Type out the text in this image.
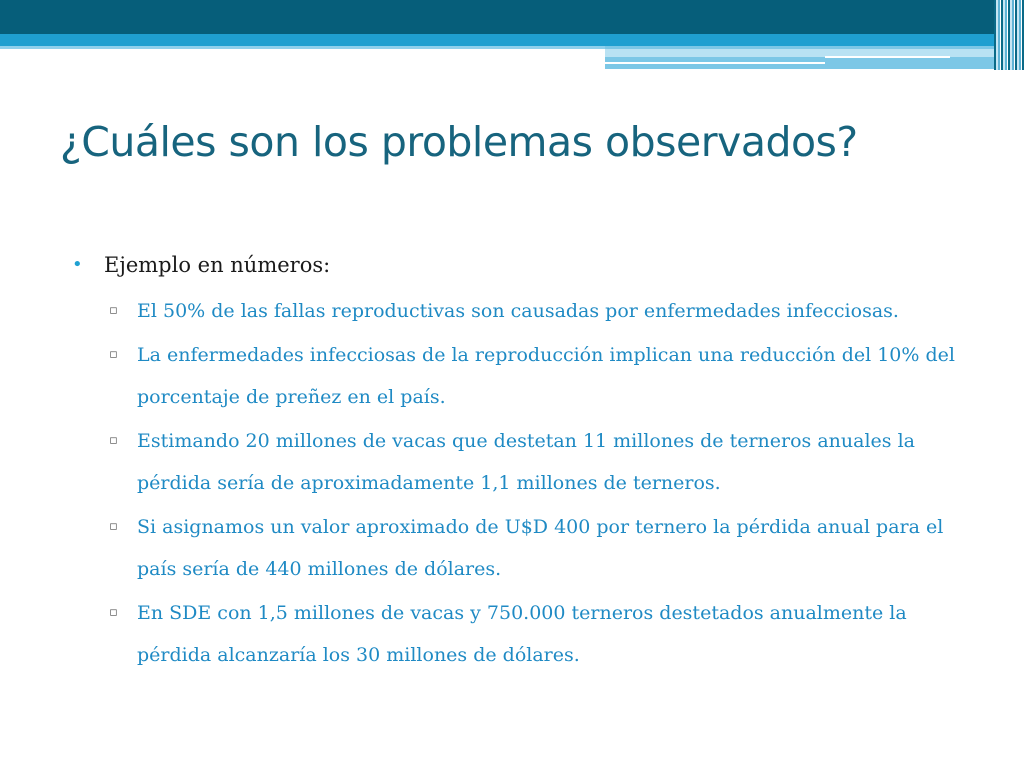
¿Cuáles son los problemas observados?
• Ejemplo en números:
▫ El 50% de las fallas reproductivas son causadas por enfermedades infecciosas.
▫ La enfermedades infecciosas de la reproducción implican una reducción del 10% del porcentaje de preñez en el país.
▫ Estimando 20 millones de vacas que destetan 11 millones de terneros anuales la pérdida sería de aproximadamente 1,1 millones de terneros.
▫ Si asignamos un valor aproximado de U$D 400 por ternero la pérdida anual para el país sería de 440 millones de dólares.
▫ En SDE con 1,5 millones de vacas y 750.000 terneros destetados anualmente la pérdida alcanzaría los 30 millones de dólares.
